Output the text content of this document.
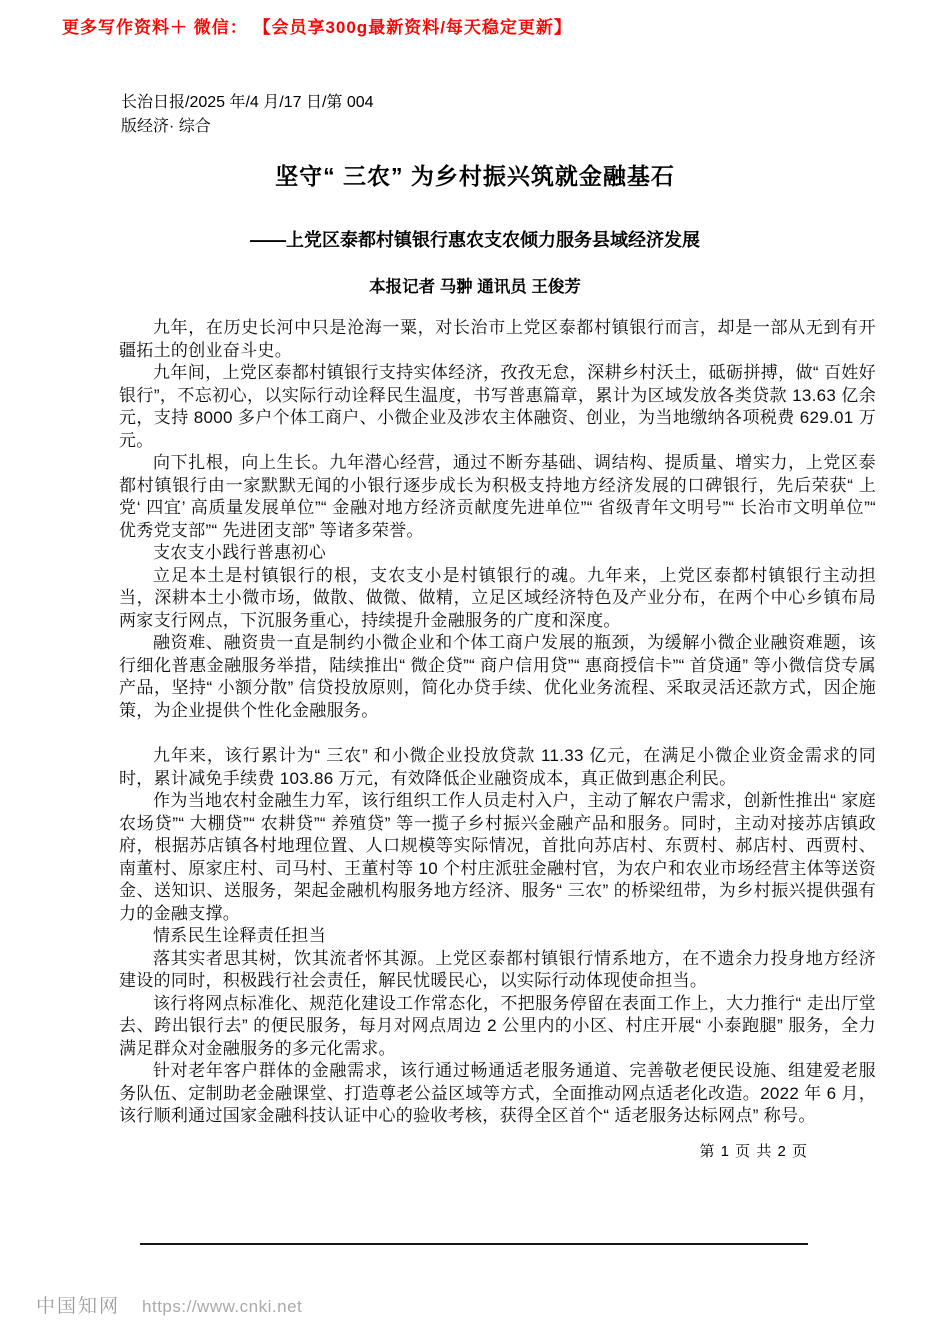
更多写作资料＋ 微信： 【会员享300g最新资料/每天稳定更新】
长治日报/2025 年/4 月/17 日/第 004
版经济· 综合
坚守“ 三农” 为乡村振兴筑就金融基石
——上党区泰都村镇银行惠农支农倾力服务县域经济发展
本报记者 马翀 通讯员 王俊芳

九年，在历史长河中只是沧海一粟，对长治市上党区泰都村镇银行而言，却是一部从无到有开疆拓土的创业奋斗史。

九年间，上党区泰都村镇银行支持实体经济，孜孜无怠，深耕乡村沃土，砥砺拼搏，做“ 百姓好银行”，不忘初心，以实际行动诠释民生温度，书写普惠篇章，累计为区域发放各类贷款 13.63 亿余元，支持 8000 多户个体工商户、小微企业及涉农主体融资、创业，为当地缴纳各项税费 629.01 万元。

向下扎根，向上生长。九年潜心经营，通过不断夯基础、调结构、提质量、增实力，上党区泰都村镇银行由一家默默无闻的小银行逐步成长为积极支持地方经济发展的口碑银行，先后荣获“ 上党‘ 四宜’ 高质量发展单位”“ 金融对地方经济贡献度先进单位”“ 省级青年文明号”“ 长治市文明单位”“ 优秀党支部”“ 先进团支部” 等诸多荣誉。

支农支小践行普惠初心

立足本土是村镇银行的根，支农支小是村镇银行的魂。九年来，上党区泰都村镇银行主动担当，深耕本土小微市场，做散、做微、做精，立足区域经济特色及产业分布，在两个中心乡镇布局两家支行网点，下沉服务重心，持续提升金融服务的广度和深度。

融资难、融资贵一直是制约小微企业和个体工商户发展的瓶颈，为缓解小微企业融资难题，该行细化普惠金融服务举措，陆续推出“ 微企贷”“ 商户信用贷”“ 惠商授信卡”“ 首贷通” 等小微信贷专属产品，坚持“ 小额分散” 信贷投放原则，简化办贷手续、优化业务流程、采取灵活还款方式，因企施策，为企业提供个性化金融服务。

九年来，该行累计为“ 三农” 和小微企业投放贷款 11.33 亿元，在满足小微企业资金需求的同时，累计减免手续费 103.86 万元，有效降低企业融资成本，真正做到惠企利民。

作为当地农村金融生力军，该行组织工作人员走村入户，主动了解农户需求，创新性推出“ 家庭农场贷”“ 大棚贷”“ 农耕贷”“ 养殖贷” 等一揽子乡村振兴金融产品和服务。同时，主动对接苏店镇政府，根据苏店镇各村地理位置、人口规模等实际情况，首批向苏店村、东贾村、郝店村、西贾村、南董村、原家庄村、司马村、王董村等 10 个村庄派驻金融村官，为农户和农业市场经营主体等送资金、送知识、送服务，架起金融机构服务地方经济、服务“ 三农” 的桥梁纽带，为乡村振兴提供强有力的金融支撑。

情系民生诠释责任担当

落其实者思其树，饮其流者怀其源。上党区泰都村镇银行情系地方，在不遗余力投身地方经济建设的同时，积极践行社会责任，解民忧暖民心，以实际行动体现使命担当。

该行将网点标准化、规范化建设工作常态化，不把服务停留在表面工作上，大力推行“ 走出厅堂去、跨出银行去” 的便民服务，每月对网点周边 2 公里内的小区、村庄开展“ 小泰跑腿” 服务，全力满足群众对金融服务的多元化需求。

针对老年客户群体的金融需求，该行通过畅通适老服务通道、完善敬老便民设施、组建爱老服务队伍、定制助老金融课堂、打造尊老公益区域等方式，全面推动网点适老化改造。2022 年 6 月，该行顺利通过国家金融科技认证中心的验收考核，获得全区首个“ 适老服务达标网点” 称号。

第 1 页 共 2 页
中国知网 https://www.cnki.net
